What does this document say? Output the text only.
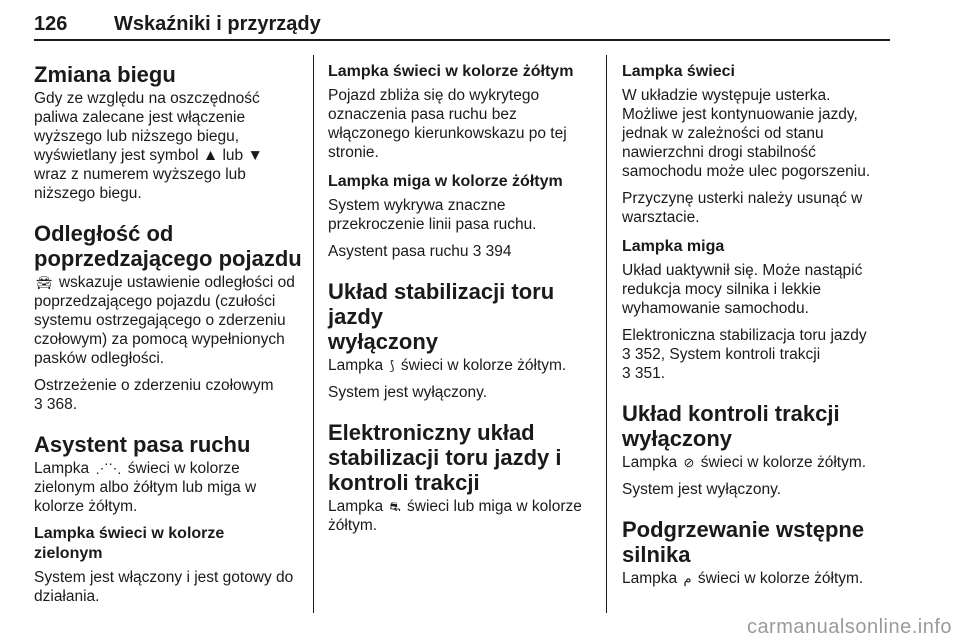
126 Wskaźniki i przyrządy
Zmiana biegu

Gdy ze względu na oszczędność
paliwa zalecane jest włączenie
wyższego lub niższego biegu,
wyświetlany jest symbol ▲ lub ▼
wraz z numerem wyższego lub
niższego biegu.

Odległość od
poprzedzającego pojazdu

🚘︎ wskazuje ustawienie odległości od
poprzedzającego pojazdu (czułości
systemu ostrzegającego o zderzeniu
czołowym) za pomocą wypełnionych
pasków odległości.

Ostrzeżenie o zderzeniu czołowym
3 368.

Asystent pasa ruchu

Lampka ⋰⋱ świeci w kolorze
zielonym albo żółtym lub miga w
kolorze żółtym.

Lampka świeci w kolorze
zielonym

System jest włączony i jest gotowy do
działania.

Lampka świeci w kolorze żółtym

Pojazd zbliża się do wykrytego
oznaczenia pasa ruchu bez
włączonego kierunkowskazu po tej
stronie.

Lampka miga w kolorze żółtym

System wykrywa znaczne
przekroczenie linii pasa ruchu.

Asystent pasa ruchu 3 394

Układ stabilizacji toru jazdy
wyłączony

Lampka ⟆ świeci w kolorze żółtym.

System jest wyłączony.

Elektroniczny układ
stabilizacji toru jazdy i
kontroli trakcji

Lampka ⛐ świeci lub miga w kolorze
żółtym.

Lampka świeci

W układzie występuje usterka.
Możliwe jest kontynuowanie jazdy,
jednak w zależności od stanu
nawierzchni drogi stabilność
samochodu może ulec pogorszeniu.

Przyczynę usterki należy usunąć w
warsztacie.

Lampka miga

Układ uaktywnił się. Może nastąpić
redukcja mocy silnika i lekkie
wyhamowanie samochodu.

Elektroniczna stabilizacja toru jazdy
3 352, System kontroli trakcji
3 351.

Układ kontroli trakcji
wyłączony

Lampka ⊘ świeci w kolorze żółtym.

System jest wyłączony.

Podgrzewanie wstępne
silnika

Lampka ﻡ świeci w kolorze żółtym.

carmanualsonline.info
